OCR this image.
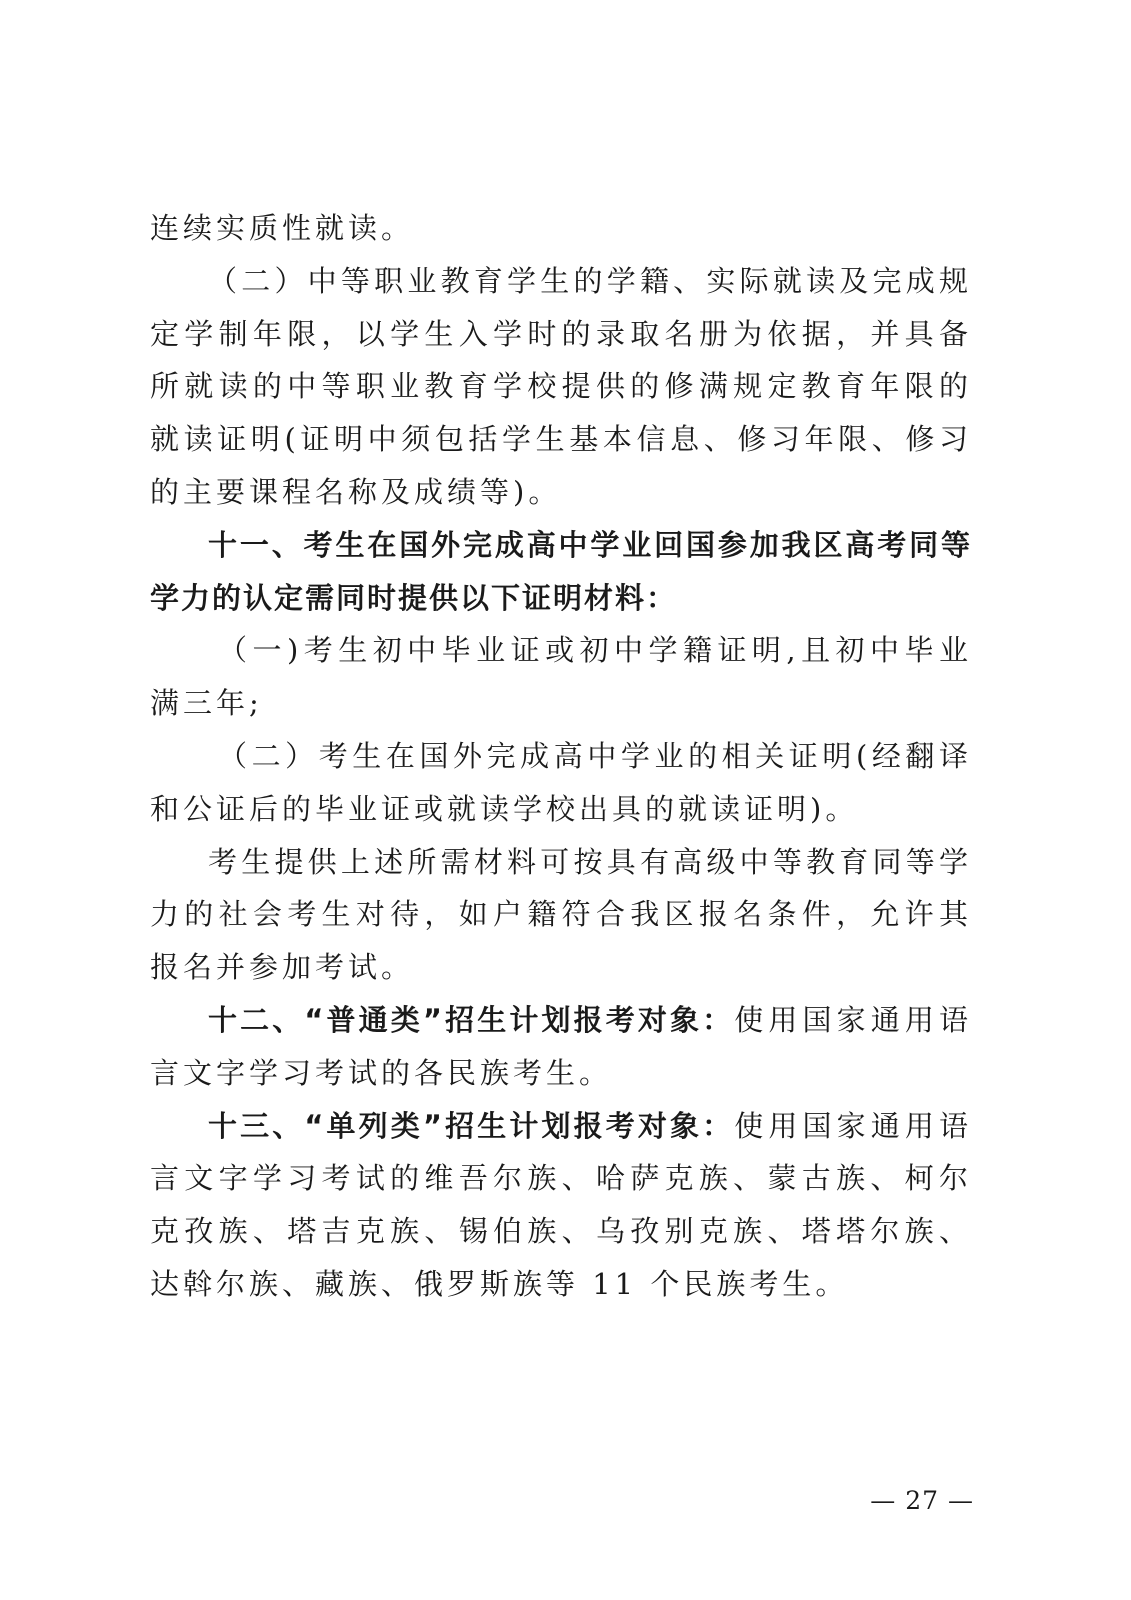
连续实质性就读。

（二）中等职业教育学生的学籍、实际就读及完成规定学制年限，以学生入学时的录取名册为依据，并具备所就读的中等职业教育学校提供的修满规定教育年限的就读证明(证明中须包括学生基本信息、修习年限、修习的主要课程名称及成绩等)。

十一、考生在国外完成高中学业回国参加我区高考同等学力的认定需同时提供以下证明材料：

（一)考生初中毕业证或初中学籍证明,且初中毕业满三年;

（二）考生在国外完成高中学业的相关证明(经翻译和公证后的毕业证或就读学校出具的就读证明)。

考生提供上述所需材料可按具有高级中等教育同等学力的社会考生对待，如户籍符合我区报名条件，允许其报名并参加考试。

十二、“普通类”招生计划报考对象：使用国家通用语言文字学习考试的各民族考生。

十三、“单列类”招生计划报考对象：使用国家通用语言文字学习考试的维吾尔族、哈萨克族、蒙古族、柯尔克孜族、塔吉克族、锡伯族、乌孜别克族、塔塔尔族、达斡尔族、藏族、俄罗斯族等 11 个民族考生。

— 27 —
